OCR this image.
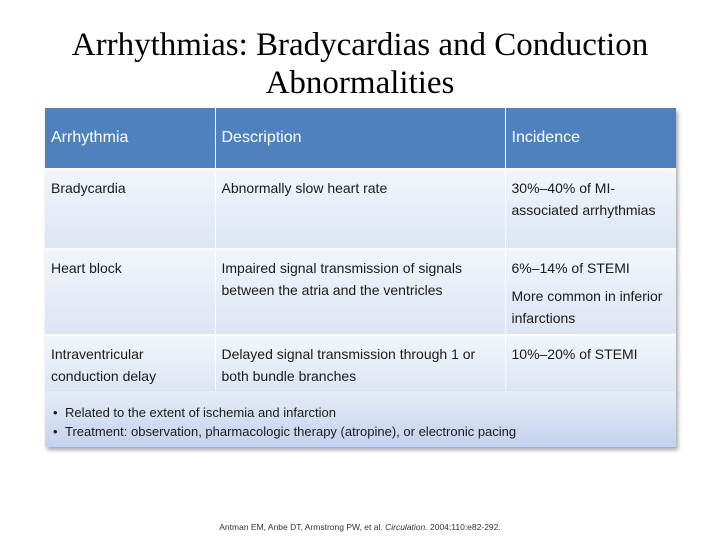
Arrhythmias: Bradycardias and Conduction Abnormalities
Arrhythmia	Description	Incidence
Bradycardia	Abnormally slow heart rate	30%–40% of MI-associated arrhythmias

Heart block	Impaired signal transmission of signals between the atria and the ventricles	6%–14% of STEMI

More common in inferior infarctions

Intraventricular conduction delay	Delayed signal transmission through 1 or both bundle branches	10%–20% of STEMI

• Related to the extent of ischemia and infarction
• Treatment: observation, pharmacologic therapy (atropine), or electronic pacing
Antman EM, Anbe DT, Armstrong PW, et al. Circulation. 2004;110:e82-292.
